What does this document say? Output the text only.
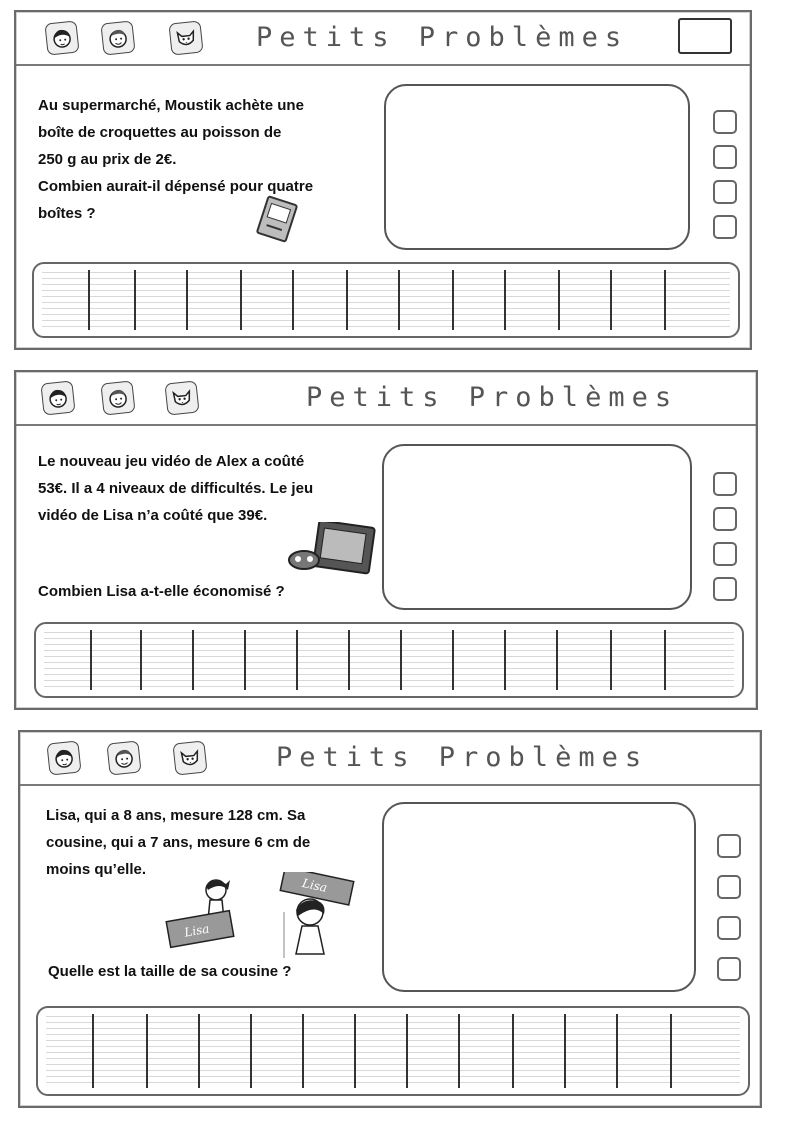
Petits Problèmes

Au supermarché, Moustik achète une

boîte de croquettes au poisson de

250 g au prix de 2€.

Combien aurait-il dépensé pour quatre

boîtes ?

Petits Problèmes

Le nouveau jeu vidéo de Alex a coûté

53€. Il a 4 niveaux de difficultés. Le jeu

vidéo de Lisa n’a coûté que 39€.

Combien Lisa a-t-elle économisé ?

Petits Problèmes

Lisa, qui a 8 ans, mesure 128 cm. Sa

cousine, qui a 7 ans, mesure 6 cm de

moins qu’elle.

Lisa
Lisa

Quelle est la taille de sa cousine ?
